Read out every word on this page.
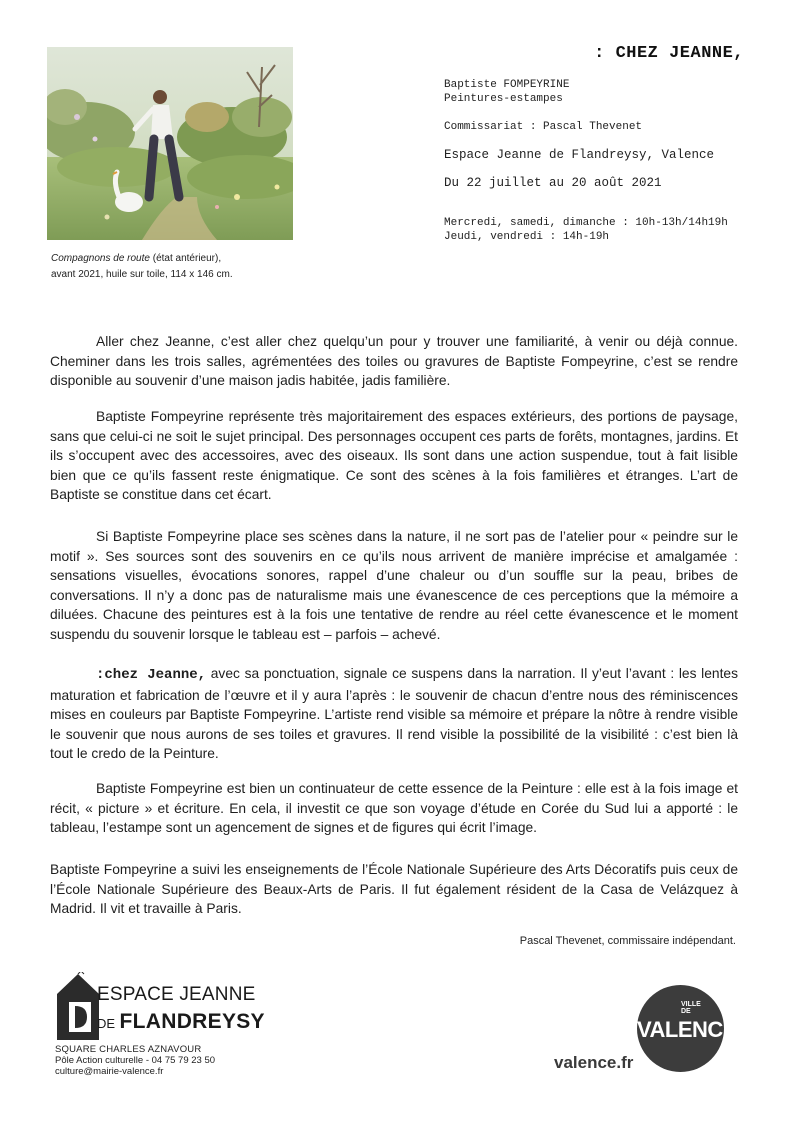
Compagnons de route (état antérieur),
avant 2021, huile sur toile, 114 x 146 cm.
: CHEZ JEANNE,
Baptiste FOMPEYRINE
Peintures-estampes
Commissariat : Pascal Thevenet
Espace Jeanne de Flandreysy, Valence
Du 22 juillet au 20 août 2021
Mercredi, samedi, dimanche : 10h-13h/14h19h
Jeudi, vendredi : 14h-19h

Aller chez Jeanne, c’est aller chez quelqu’un pour y trouver une familiarité, à venir ou déjà connue. Cheminer dans les trois salles, agrémentées des toiles ou gravures de Baptiste Fompeyrine, c’est se rendre disponible au souvenir d’une maison jadis habitée, jadis familière.

Baptiste Fompeyrine représente très majoritairement des espaces extérieurs, des portions de paysage, sans que celui-ci ne soit le sujet principal. Des personnages occupent ces parts de forêts, montagnes, jardins. Et ils s’occupent avec des accessoires, avec des oiseaux. Ils sont dans une action suspendue, tout à fait lisible bien que ce qu’ils fassent reste énigmatique. Ce sont des scènes à la fois familières et étranges. L’art de Baptiste se constitue dans cet écart.

Si Baptiste Fompeyrine place ses scènes dans la nature, il ne sort pas de l’atelier pour « peindre sur le motif ». Ses sources sont des souvenirs en ce qu’ils nous arrivent de manière imprécise et amalgamée : sensations visuelles, évocations sonores, rappel d’une chaleur ou d’un souffle sur la peau, bribes de conversations. Il n’y a donc pas de naturalisme mais une évanescence de ces perceptions que la mémoire a diluées. Chacune des peintures est à la fois une tentative de rendre au réel cette évanescence et le moment suspendu du souvenir lorsque le tableau est – parfois – achevé.

:chez Jeanne, avec sa ponctuation, signale ce suspens dans la narration. Il y’eut l’avant : les lentes maturation et fabrication de l’œuvre et il y aura l’après : le souvenir de chacun d’entre nous des réminiscences mises en couleurs par Baptiste Fompeyrine. L’artiste rend visible sa mémoire et prépare la nôtre à rendre visible le souvenir que nous aurons de ses toiles et gravures. Il rend visible la possibilité de la visibilité : c’est bien là tout le credo de la Peinture.

Baptiste Fompeyrine est bien un continuateur de cette essence de la Peinture : elle est à la fois image et récit, « picture » et écriture. En cela, il investit ce que son voyage d’étude en Corée du Sud lui a apporté : le tableau, l’estampe sont un agencement de signes et de figures qui écrit l’image.

Baptiste Fompeyrine a suivi les enseignements de l’École Nationale Supérieure des Arts Décoratifs puis ceux de l’École Nationale Supérieure des Beaux-Arts de Paris. Il fut également résident de la Casa de Velázquez à Madrid. Il vit et travaille à Paris.

Pascal Thevenet, commissaire indépendant.
ESPACE JEANNE
DE FLANDREYSY
SQUARE CHARLES AZNAVOUR
Pôle Action culturelle - 04 75 79 23 50
culture@mairie-valence.fr
VILLE DE
VALENCE
valence.fr
